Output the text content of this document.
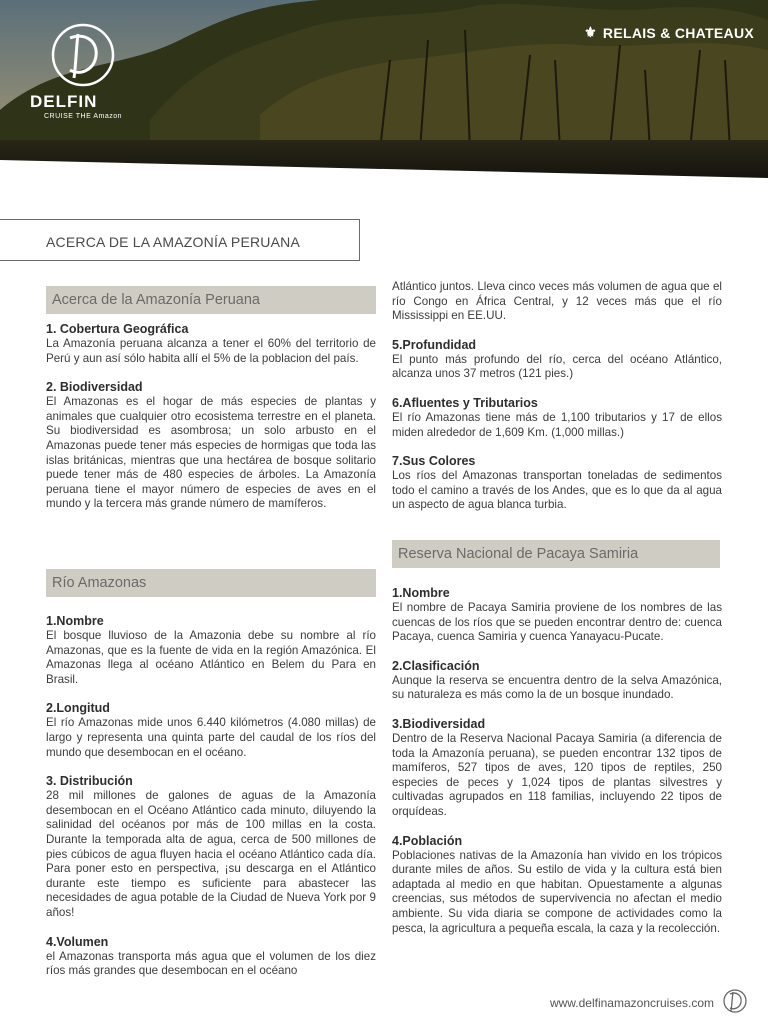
DELFIN
CRUISE THE Amazon
⚜ RELAIS & CHATEAUX
ACERCA DE LA AMAZONÍA PERUANA
Acerca de la Amazonía Peruana
1. Cobertura Geográfica

La Amazonía peruana alcanza a tener el 60% del territorio de Perú y aun así sólo habita allí el 5% de la poblacion del país.

2. Biodiversidad

El Amazonas es el hogar de más especies de plantas y animales que cualquier otro ecosistema terrestre en el planeta. Su biodiversidad es asombrosa; un solo arbusto en el Amazonas puede tener más especies de hormigas que toda las islas británicas, mientras que una hectárea de bosque solitario puede tener más de 480 especies de árboles. La Amazonía peruana tiene el mayor número de especies de aves en el mundo y la tercera más grande número de mamíferos.

Río Amazonas
1.Nombre

El bosque lluvioso de la Amazonia debe su nombre al río Amazonas, que es la fuente de vida en la región Amazónica. El Amazonas llega al océano Atlántico en Belem du Para en Brasil.

2.Longitud

El río Amazonas mide unos 6.440 kilómetros (4.080 millas) de largo y representa una quinta parte del caudal de los ríos del mundo que desembocan en el océano.

3. Distribución

28 mil millones de galones de aguas de la Amazonía desembocan en el Océano Atlántico cada minuto, diluyendo la salinidad del océanos por más de 100 millas en la costa. Durante la temporada alta de agua, cerca de 500 millones de pies cúbicos de agua fluyen hacia el océano Atlántico cada día. Para poner esto en perspectiva, ¡su descarga en el Atlántico durante este tiempo es suficiente para abastecer las necesidades de agua potable de la Ciudad de Nueva York por 9 años!

4.Volumen

el Amazonas transporta más agua que el volumen de los diez ríos más grandes que desembocan en el océano

Atlántico juntos. Lleva cinco veces más volumen de agua que el río Congo en África Central, y 12 veces más que el río Mississippi en EE.UU.

5.Profundidad

El punto más profundo del río, cerca del océano Atlántico, alcanza unos 37 metros (121 pies.)

6.Afluentes y Tributarios

El río Amazonas tiene más de 1,100 tributarios y 17 de ellos miden alrededor de 1,609 Km. (1,000 millas.)

7.Sus Colores

Los ríos del Amazonas transportan toneladas de sedimentos todo el camino a través de los Andes, que es lo que da al agua un aspecto de agua blanca turbia.

Reserva Nacional de Pacaya Samiria
1.Nombre

El nombre de Pacaya Samiria proviene de los nombres de las cuencas de los ríos que se pueden encontrar dentro de: cuenca Pacaya, cuenca Samiria y cuenca Yanayacu-Pucate.

2.Clasificación

Aunque la reserva se encuentra dentro de la selva Amazónica, su naturaleza es más como la de un bosque inundado.

3.Biodiversidad

Dentro de la Reserva Nacional Pacaya Samiria (a diferencia de toda la Amazonía peruana), se pueden encontrar 132 tipos de mamíferos, 527 tipos de aves, 120 tipos de reptiles, 250 especies de peces y 1,024 tipos de plantas silvestres y cultivadas agrupados en 118 familias, incluyendo 22 tipos de orquídeas.

4.Población

Poblaciones nativas de la Amazonía han vivido en los trópicos durante miles de años. Su estilo de vida y la cultura está bien adaptada al medio en que habitan. Opuestamente a algunas creencias, sus métodos de supervivencia no afectan el medio ambiente. Su vida diaria se compone de actividades como la pesca, la agricultura a pequeña escala, la caza y la recolección.

www.delfinamazoncruises.com
